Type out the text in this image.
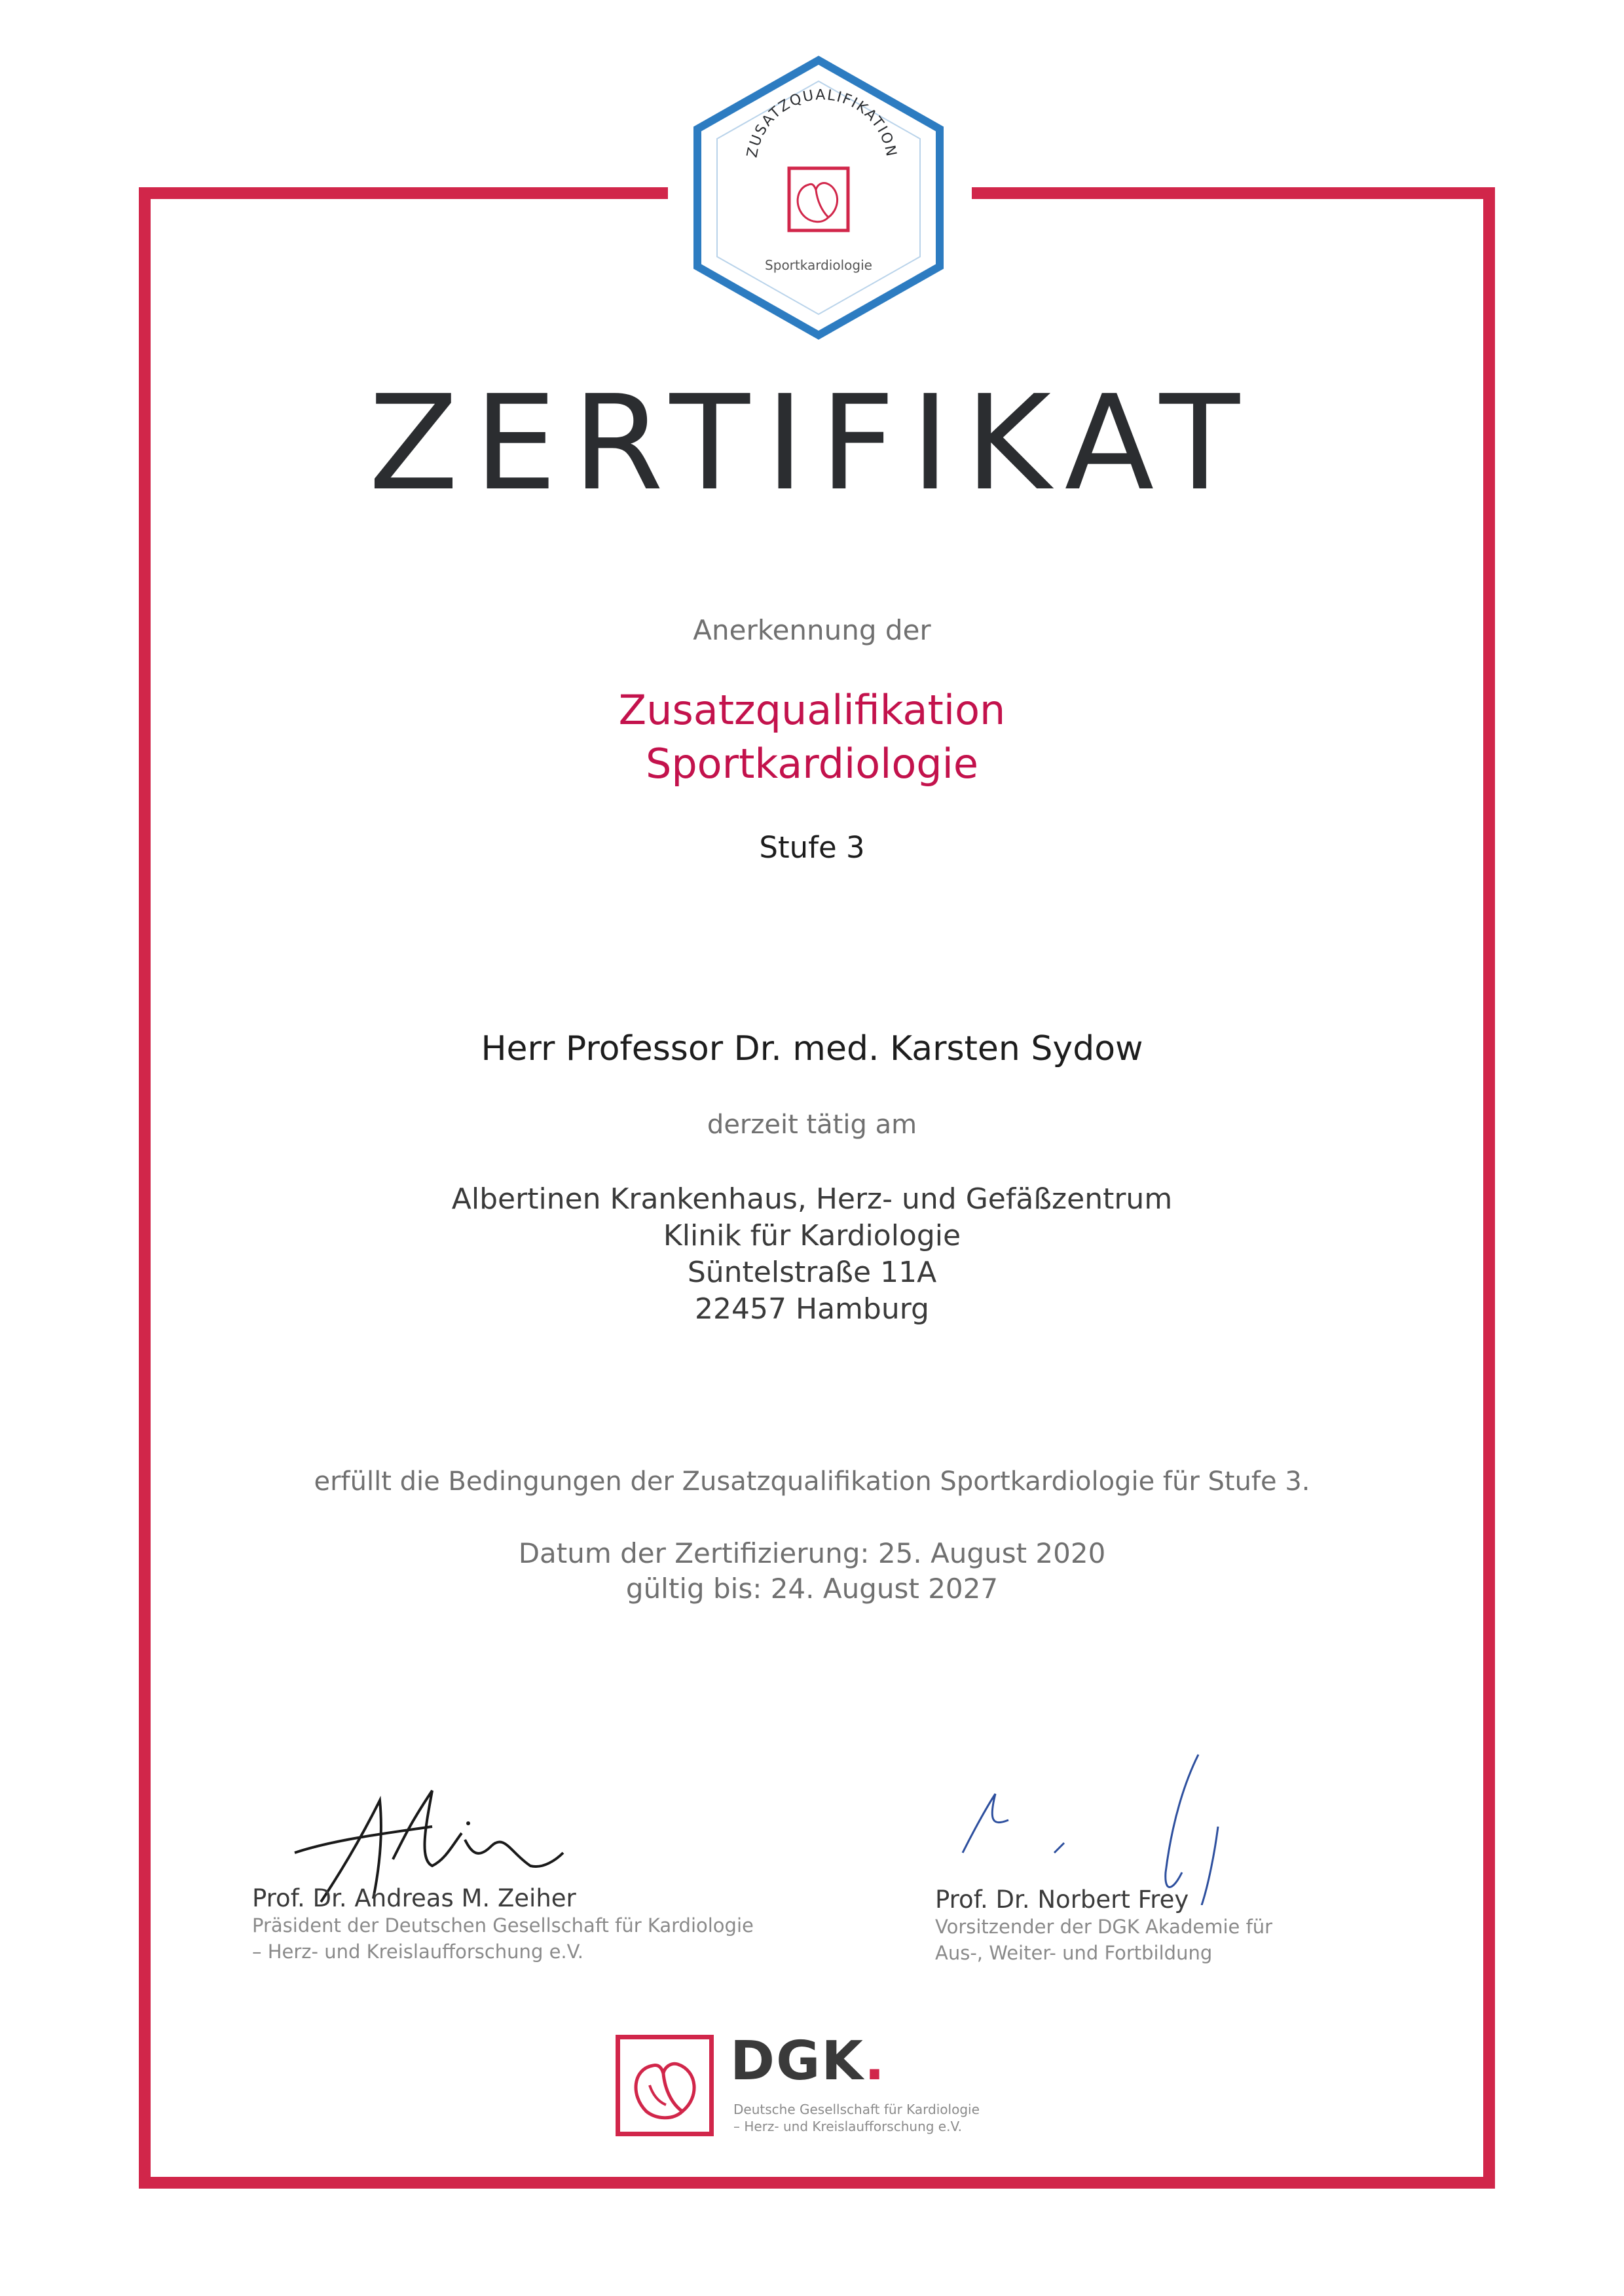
ZUSATZQUALIFIKATION
Sportkardiologie
ZERTIFIKAT
Anerkennung der
Zusatzqualifikation
Sportkardiologie
Stufe 3
Herr Professor Dr. med. Karsten Sydow
derzeit tätig am
Albertinen Krankenhaus, Herz- und Gefäßzentrum
Klinik für Kardiologie
Süntelstraße 11A
22457 Hamburg
erfüllt die Bedingungen der Zusatzqualifikation Sportkardiologie für Stufe 3.
Datum der Zertifizierung: 25. August 2020
gültig bis: 24. August 2027
Prof. Dr. Andreas M. Zeiher
Präsident der Deutschen Gesellschaft für Kardiologie
– Herz- und Kreislaufforschung e.V.
Prof. Dr. Norbert Frey
Vorsitzender der DGK Akademie für
Aus-, Weiter- und Fortbildung
DGK.
Deutsche Gesellschaft für Kardiologie
– Herz- und Kreislaufforschung e.V.
